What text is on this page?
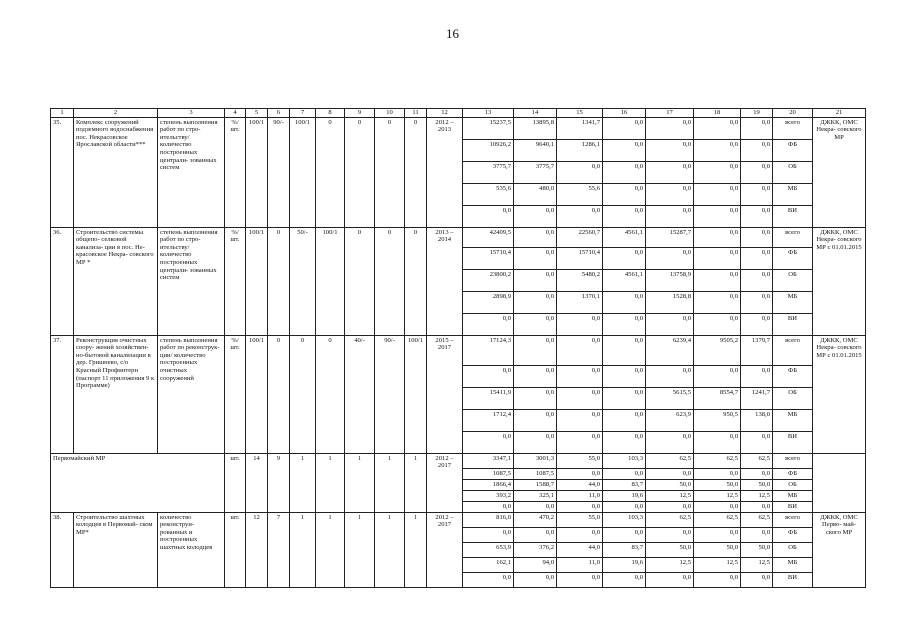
16
1	2	3	4	5	6	7	8	9	10	11	12	13	14	15	16	17	18	19	20	21
35.	Комплекс сооружений подземного водоснабжения пос. Некрасовское Ярославской области***	степень выполнения работ по стро- ительству/ количество построенных централи- зованных систем	%/ шт.	100/1	90/-	100/1	0	0	0	0	2012 – 2013	15237,5	13895,8	1341,7	0,0	0,0	0,0	0,0	всего	ДЖКК, ОМС Некра- совского МР
												10926,2	9640,1	1286,1	0,0	0,0	0,0	0,0	ФБ	
												3775,7	3775,7	0,0	0,0	0,0	0,0	0,0	ОБ	
												535,6	480,0	55,6	0,0	0,0	0,0	0,0	МБ	
												0,0	0,0	0,0	0,0	0,0	0,0	0,0	ВИ	
36.	Строительство системы общепо- селковой канализа- ции в пос. Не- красовское Некра- совского МР *	степень выполнения работ по стро- ительству/ количество построенных централи- зованных систем	%/ шт.	100/1	0	50/-	100/1	0	0	0	2013 – 2014	42409,5	0,0	22560,7	4561,1	15287,7	0,0	0,0	всего	ДЖКК, ОМС Некра- совского МР с 01.01.2015
												15710,4	0,0	15710,4	0,0	0,0	0,0	0,0	ФБ	
												23800,2	0,0	5480,2	4561,1	13758,9	0,0	0,0	ОБ	
												2898,9	0,0	1370,1	0,0	1528,8	0,0	0,0	МБ	
												0,0	0,0	0,0	0,0	0,0	0,0	0,0	ВИ	
37.	Реконструкция очистных соору- жений хозяйствен- но-бытовой канализации в дер. Гришнево, с/о Красный Профинтерн (паспорт 11 приложения 9 к Программе)	степень выполнения работ по реконструк- ции/ количество построенных очистных сооружений	%/ шт.	100/1	0	0	0	40/-	90/-	100/1	2015 – 2017	17124,3	0,0	0,0	0,0	6239,4	9505,2	1379,7	всего	ДЖКК, ОМС Некра- совского МР с 01.01.2015
												0,0	0,0	0,0	0,0	0,0	0,0	0,0	ФБ	
												15411,9	0,0	0,0	0,0	5615,5	8554,7	1241,7	ОБ	
												1712,4	0,0	0,0	0,0	623,9	950,5	138,0	МБ	
												0,0	0,0	0,0	0,0	0,0	0,0	0,0	ВИ	
Первомайский МР			шт.	14	9	1	1	1	1	1	2012 – 2017	3347,1	3001,3	55,0	103,3	62,5	62,5	62,5	всего	
												1087,5	1087,5	0,0	0,0	0,0	0,0	0,0	ФБ	
												1866,4	1588,7	44,0	83,7	50,0	50,0	50,0	ОБ	
												393,2	325,1	11,0	19,6	12,5	12,5	12,5	МБ	
												0,0	0,0	0,0	0,0	0,0	0,0	0,0	ВИ	
38.	Строительство шахтных колодцев в Первомай- ском МР*	количество реконструи- рованных и построенных шахтных колодцев	шт.	12	7	1	1	1	1	1	2012 – 2017	816,0	470,2	55,0	103,3	62,5	62,5	62,5	всего	ДЖКК, ОМС Перво- май- ского МР
												0,0	0,0	0,0	0,0	0,0	0,0	0,0	ФБ	
												653,9	376,2	44,0	83,7	50,0	50,0	50,0	ОБ	
												162,1	94,0	11,0	19,6	12,5	12,5	12,5	МБ	
												0,0	0,0	0,0	0,0	0,0	0,0	0,0	ВИ	
